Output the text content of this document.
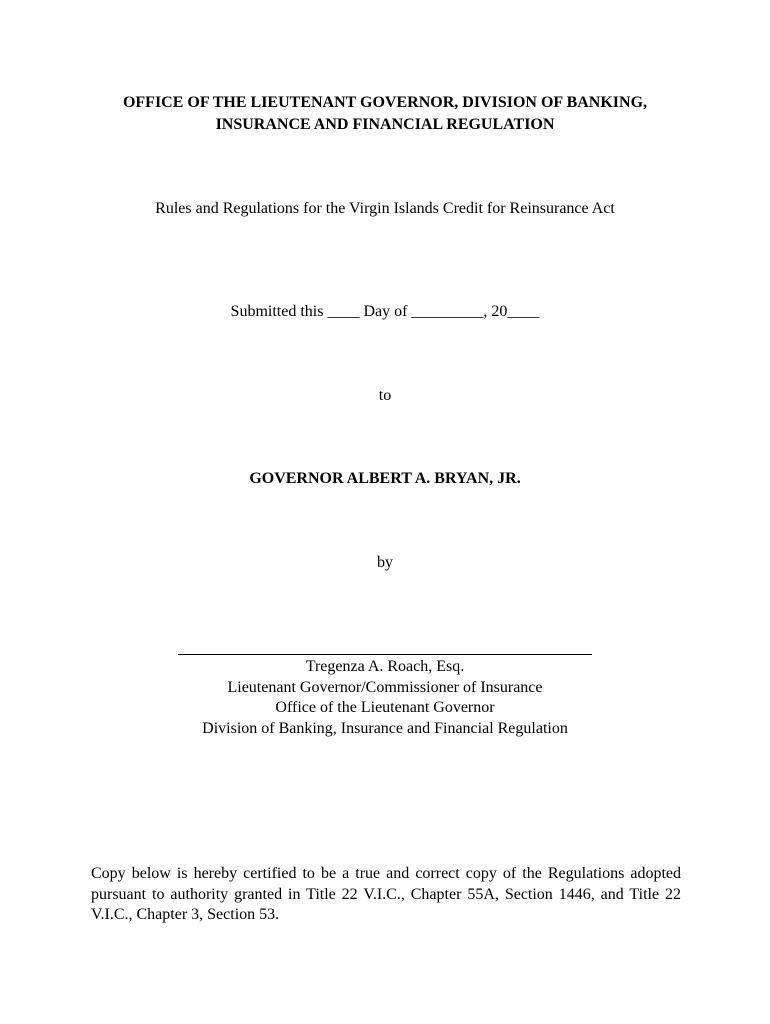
OFFICE OF THE LIEUTENANT GOVERNOR, DIVISION OF BANKING,
INSURANCE AND FINANCIAL REGULATION
Rules and Regulations for the Virgin Islands Credit for Reinsurance Act
Submitted this ____ Day of _________, 20____
to
GOVERNOR ALBERT A. BRYAN, JR.
by
Tregenza A. Roach, Esq.
Lieutenant Governor/Commissioner of Insurance
Office of the Lieutenant Governor
Division of Banking, Insurance and Financial Regulation
Copy below is hereby certified to be a true and correct copy of the Regulations adopted pursuant to authority granted in Title 22 V.I.C., Chapter 55A, Section 1446, and Title 22 V.I.C., Chapter 3, Section 53.
